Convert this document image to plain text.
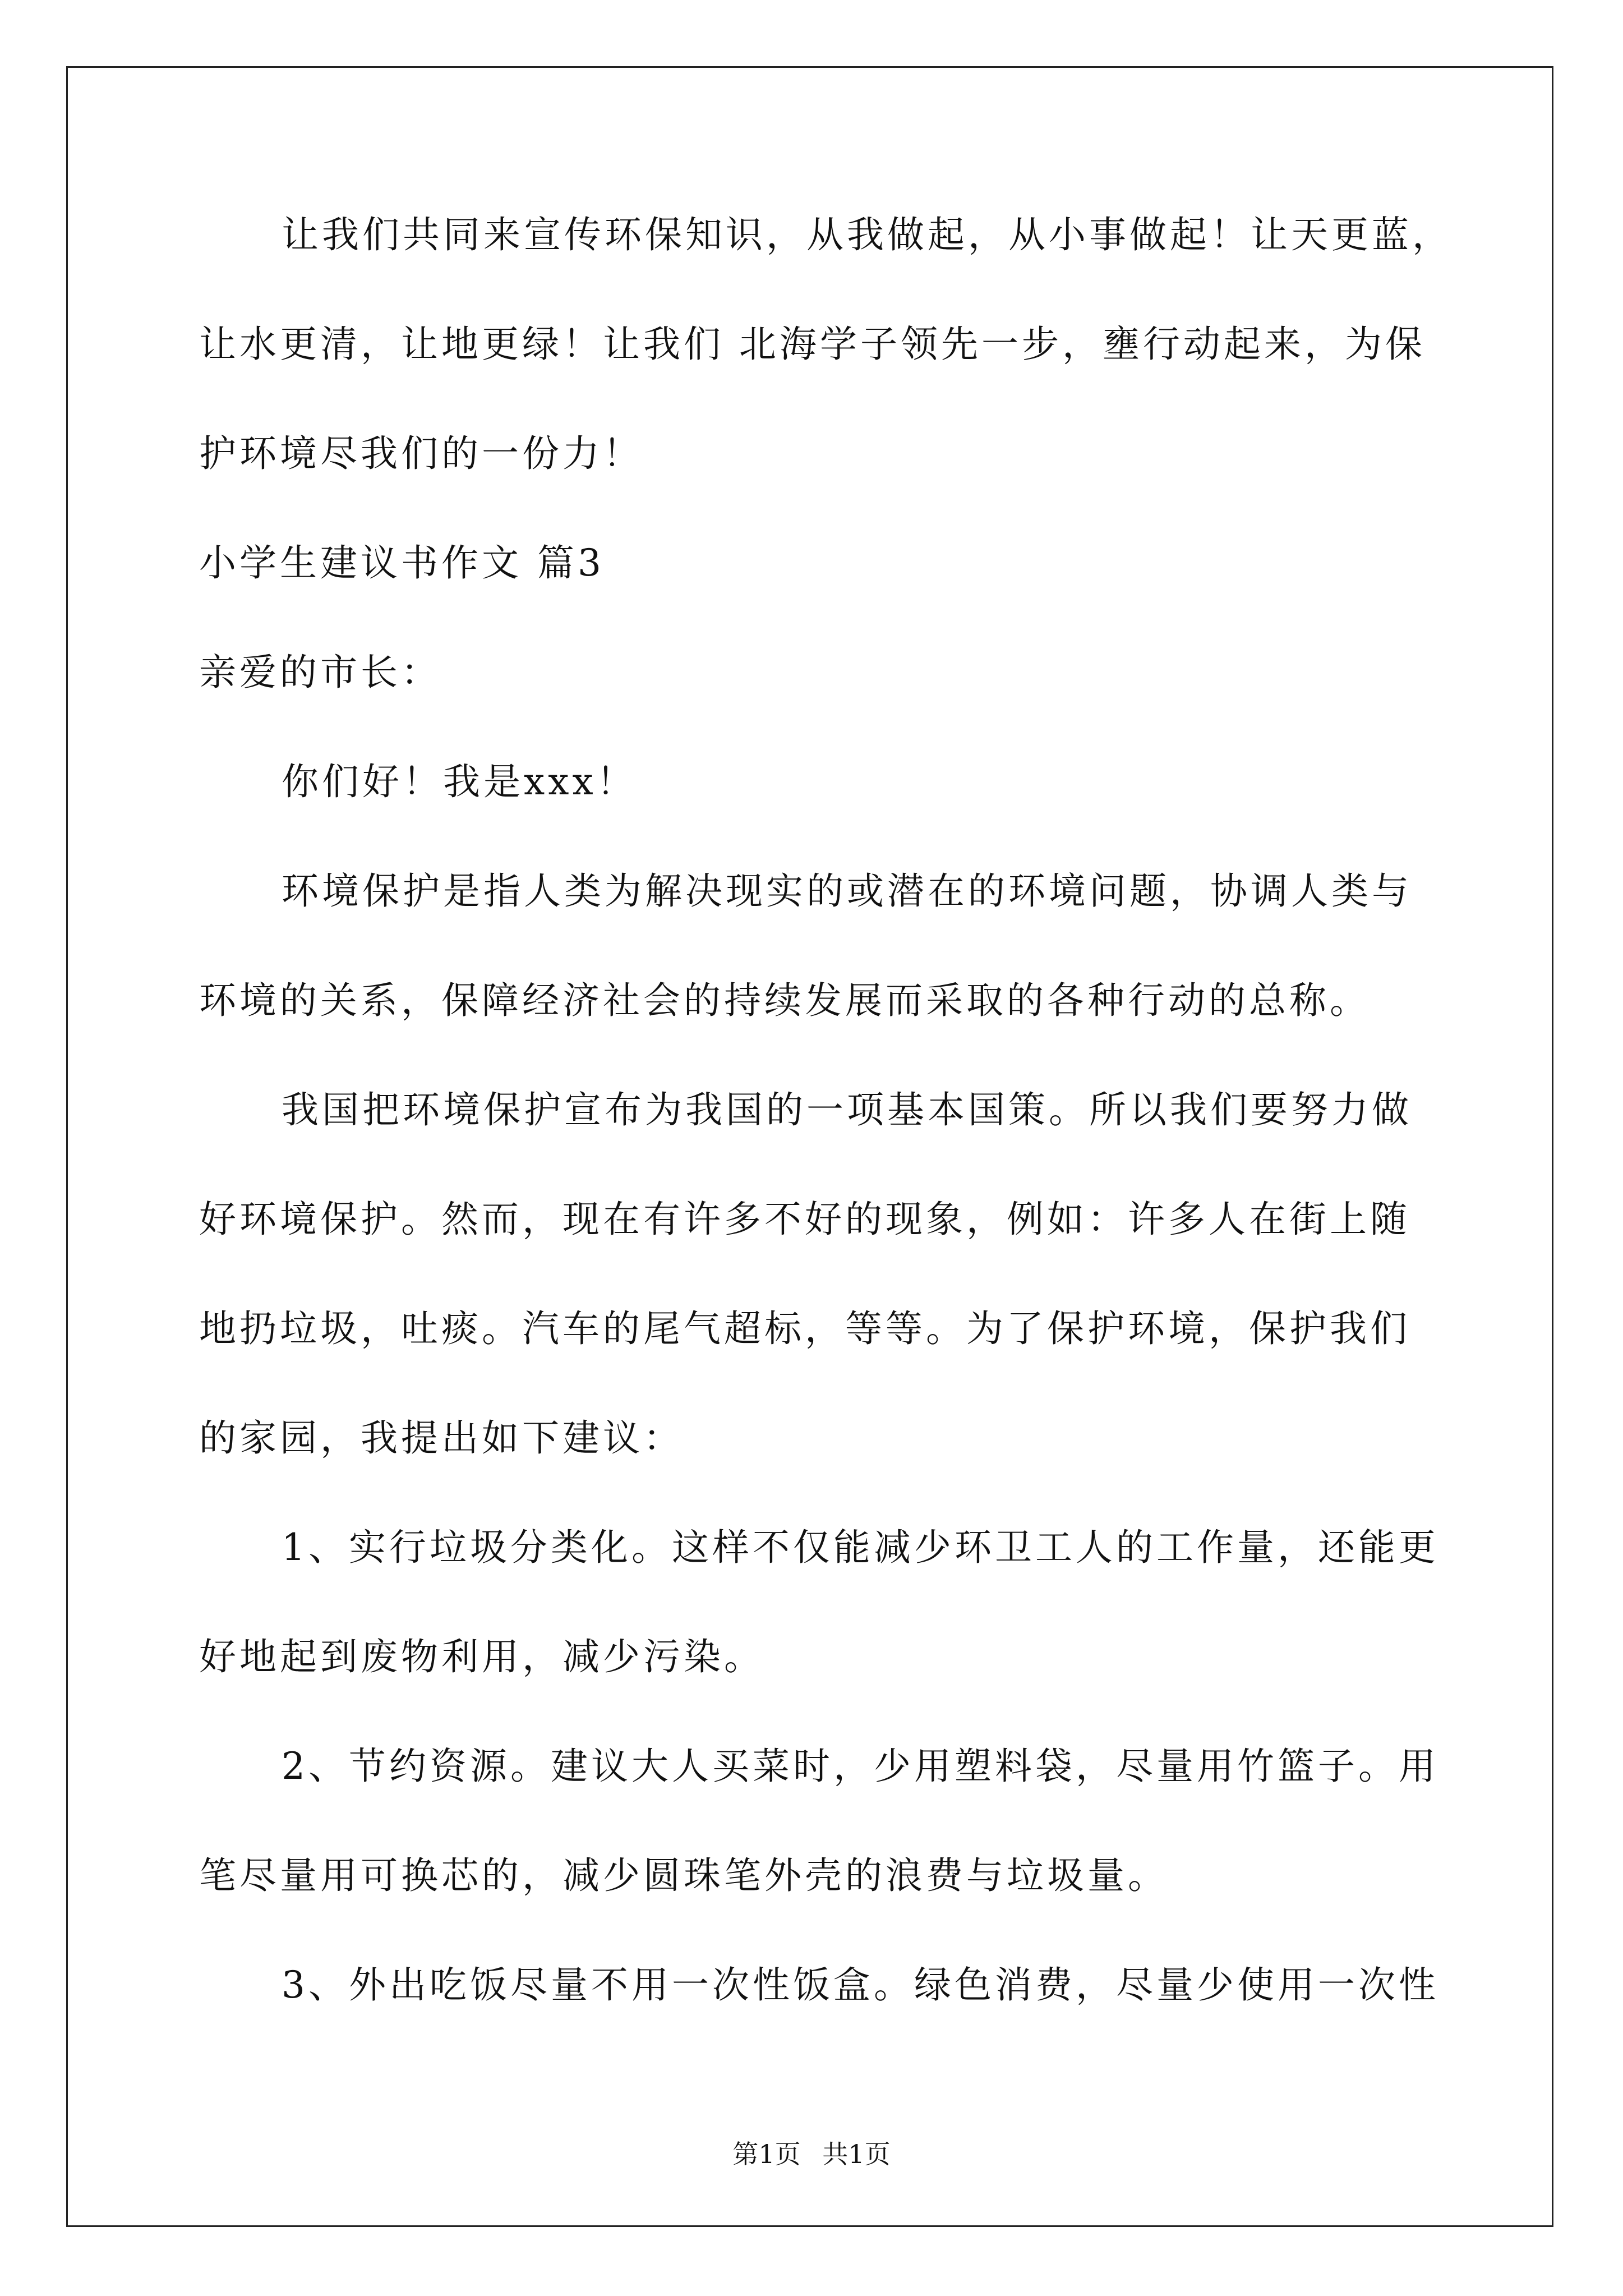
让我们共同来宣传环保知识，从我做起，从小事做起！让天更蓝，
让水更清，让地更绿！让我们 北海学子领先一步，壅行动起来，为保
护环境尽我们的一份力！
小学生建议书作文 篇3
亲爱的市长：
你们好！我是xxx！
环境保护是指人类为解决现实的或潜在的环境问题，协调人类与
环境的关系，保障经济社会的持续发展而采取的各种行动的总称。
我国把环境保护宣布为我国的一项基本国策。所以我们要努力做
好环境保护。然而，现在有许多不好的现象，例如：许多人在街上随
地扔垃圾，吐痰。汽车的尾气超标，等等。为了保护环境，保护我们
的家园，我提出如下建议：
1、实行垃圾分类化。这样不仅能减少环卫工人的工作量，还能更
好地起到废物利用，减少污染。
2、节约资源。建议大人买菜时，少用塑料袋，尽量用竹篮子。用
笔尽量用可换芯的，减少圆珠笔外壳的浪费与垃圾量。
3、外出吃饭尽量不用一次性饭盒。绿色消费，尽量少使用一次性
第1页 共1页
